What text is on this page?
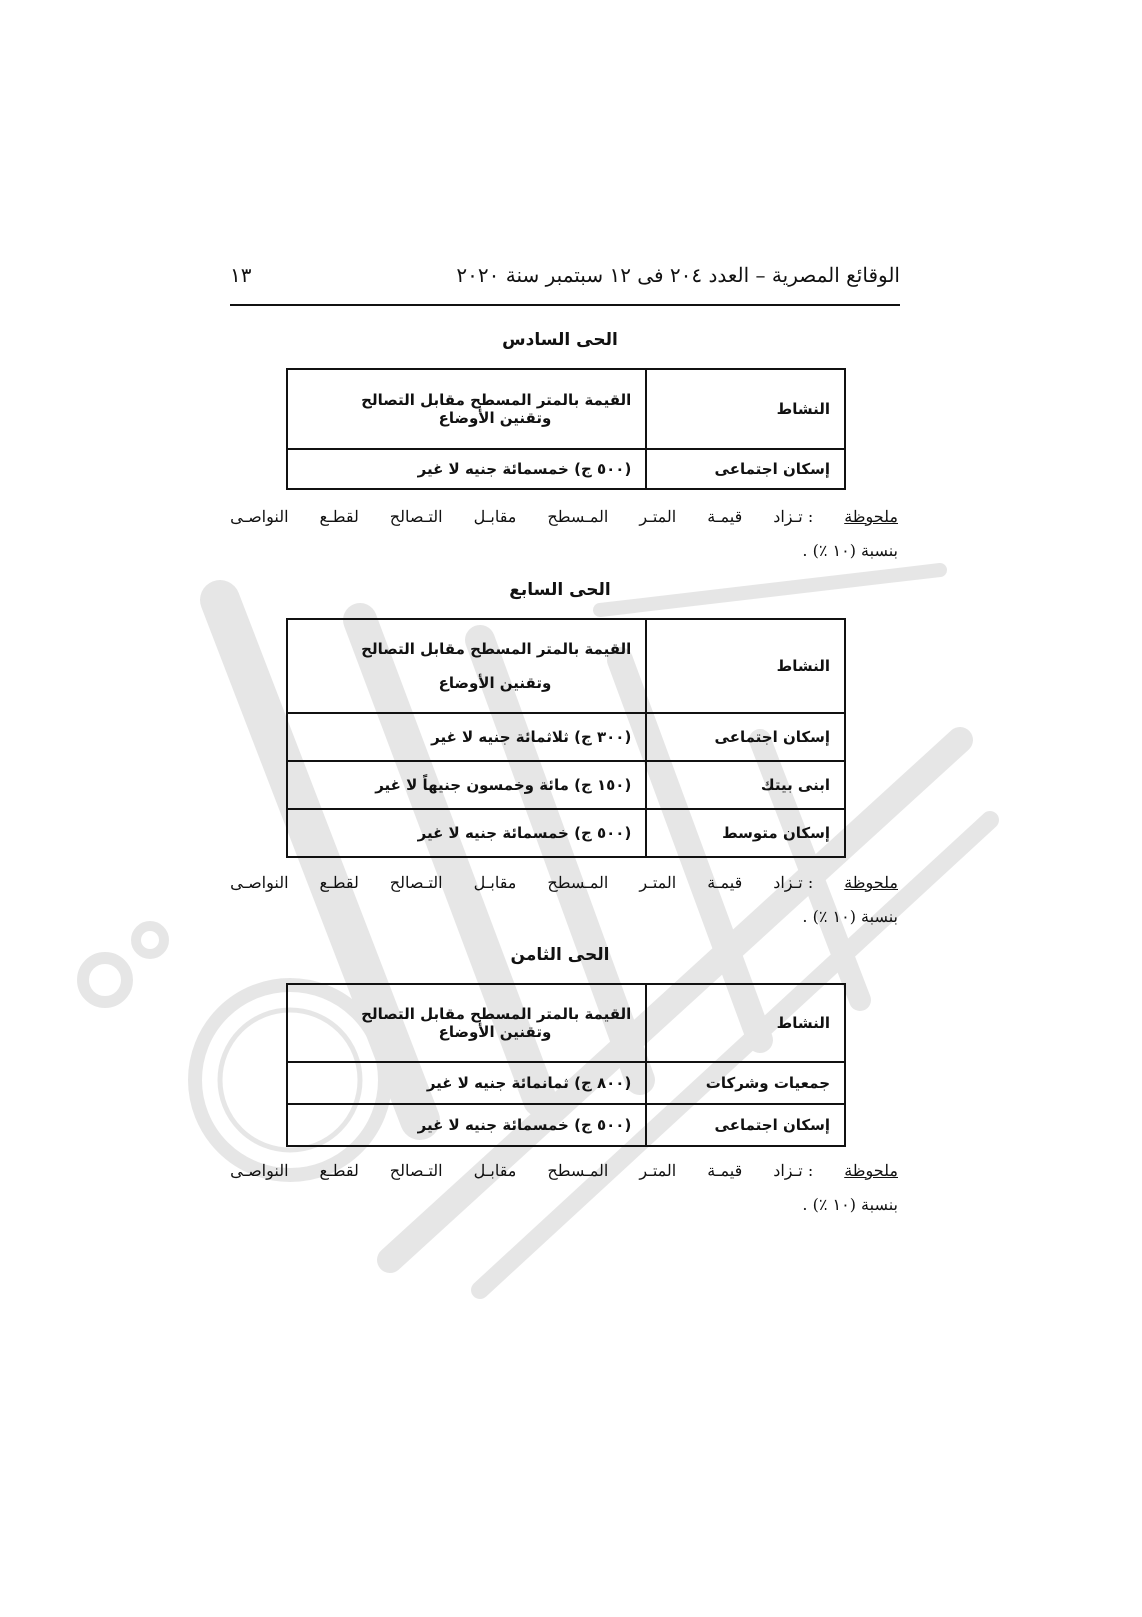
الوقائع المصرية – العدد ٢٠٤ فى ١٢ سبتمبر سنة ٢٠٢٠
١٣
الحى السادس
النشاط	القيمة بالمتر المسطح مقابل التصالح
وتقنين الأوضاع

إسكان اجتماعى	(٥٠٠ ج) خمسمائة جنيه لا غير
ملحوظة
: تـزاد
قيمـة
المتـر
المـسطح
مقابـل
التـصالح
لقطـع
النواصـى
بنسبة (١٠ ٪) .
الحى السابع
النشاط	القيمة بالمتر المسطح مقابل التصالح
وتقنين الأوضاع

إسكان اجتماعى	(٣٠٠ ج) ثلاثمائة جنيه لا غير
ابنى بيتك	(١٥٠ ج) مائة وخمسون جنيهاً لا غير
إسكان متوسط	(٥٠٠ ج) خمسمائة جنيه لا غير
ملحوظة
: تـزاد
قيمـة
المتـر
المـسطح
مقابـل
التـصالح
لقطـع
النواصـى
بنسبة (١٠ ٪) .
الحى الثامن
النشاط	القيمة بالمتر المسطح مقابل التصالح
وتقنين الأوضاع

جمعيات وشركات	(٨٠٠ ج) ثمانمائة جنيه لا غير
إسكان اجتماعى	(٥٠٠ ج) خمسمائة جنيه لا غير
ملحوظة
: تـزاد
قيمـة
المتـر
المـسطح
مقابـل
التـصالح
لقطـع
النواصـى
بنسبة (١٠ ٪) .
